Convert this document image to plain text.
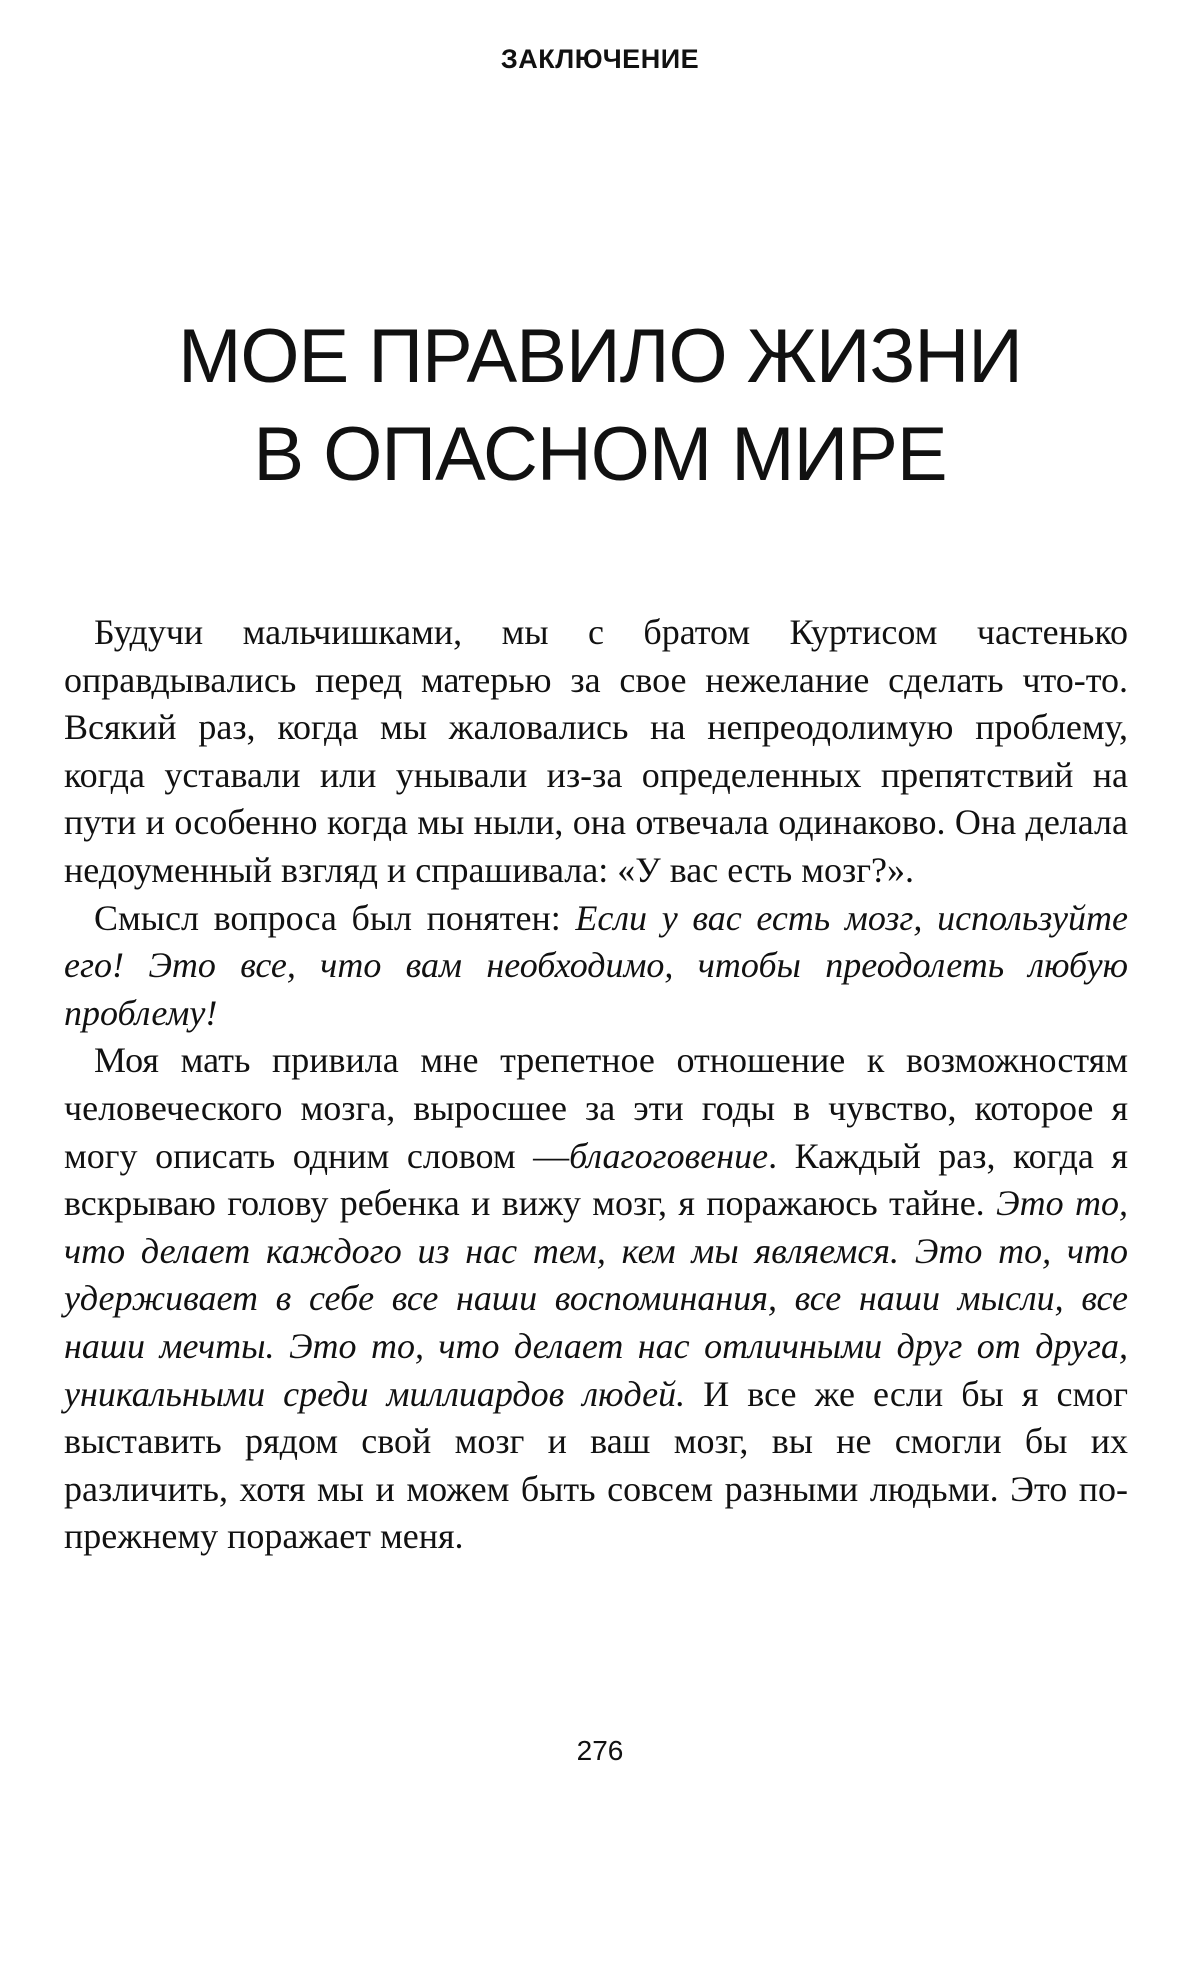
ЗАКЛЮЧЕНИЕ
МОЕ ПРАВИЛО ЖИЗНИ
В ОПАСНОМ МИРЕ

Будучи мальчишками, мы с братом Куртисом частенько оправдывались перед матерью за свое нежелание сделать что-то. Всякий раз, когда мы жаловались на непреодолимую проблему, когда уставали или унывали из-за определенных препятствий на пути и особенно когда мы ныли, она отвечала одинаково. Она делала недоуменный взгляд и спрашивала: «У вас есть мозг?».

Смысл вопроса был понятен: Если у вас есть мозг, используйте его! Это все, что вам необходимо, чтобы преодолеть любую проблему!

Моя мать привила мне трепетное отношение к возможностям человеческого мозга, выросшее за эти годы в чувство, которое я могу описать одним словом —благоговение. Каждый раз, когда я вскрываю голову ребенка и вижу мозг, я поражаюсь тайне. Это то, что делает каждого из нас тем, кем мы являемся. Это то, что удерживает в себе все наши воспоминания, все наши мысли, все наши мечты. Это то, что делает нас отличными друг от друга, уникальными среди миллиардов людей. И все же если бы я смог выставить рядом свой мозг и ваш мозг, вы не смогли бы их различить, хотя мы и можем быть совсем разными людьми. Это по-прежнему поражает меня.

276
